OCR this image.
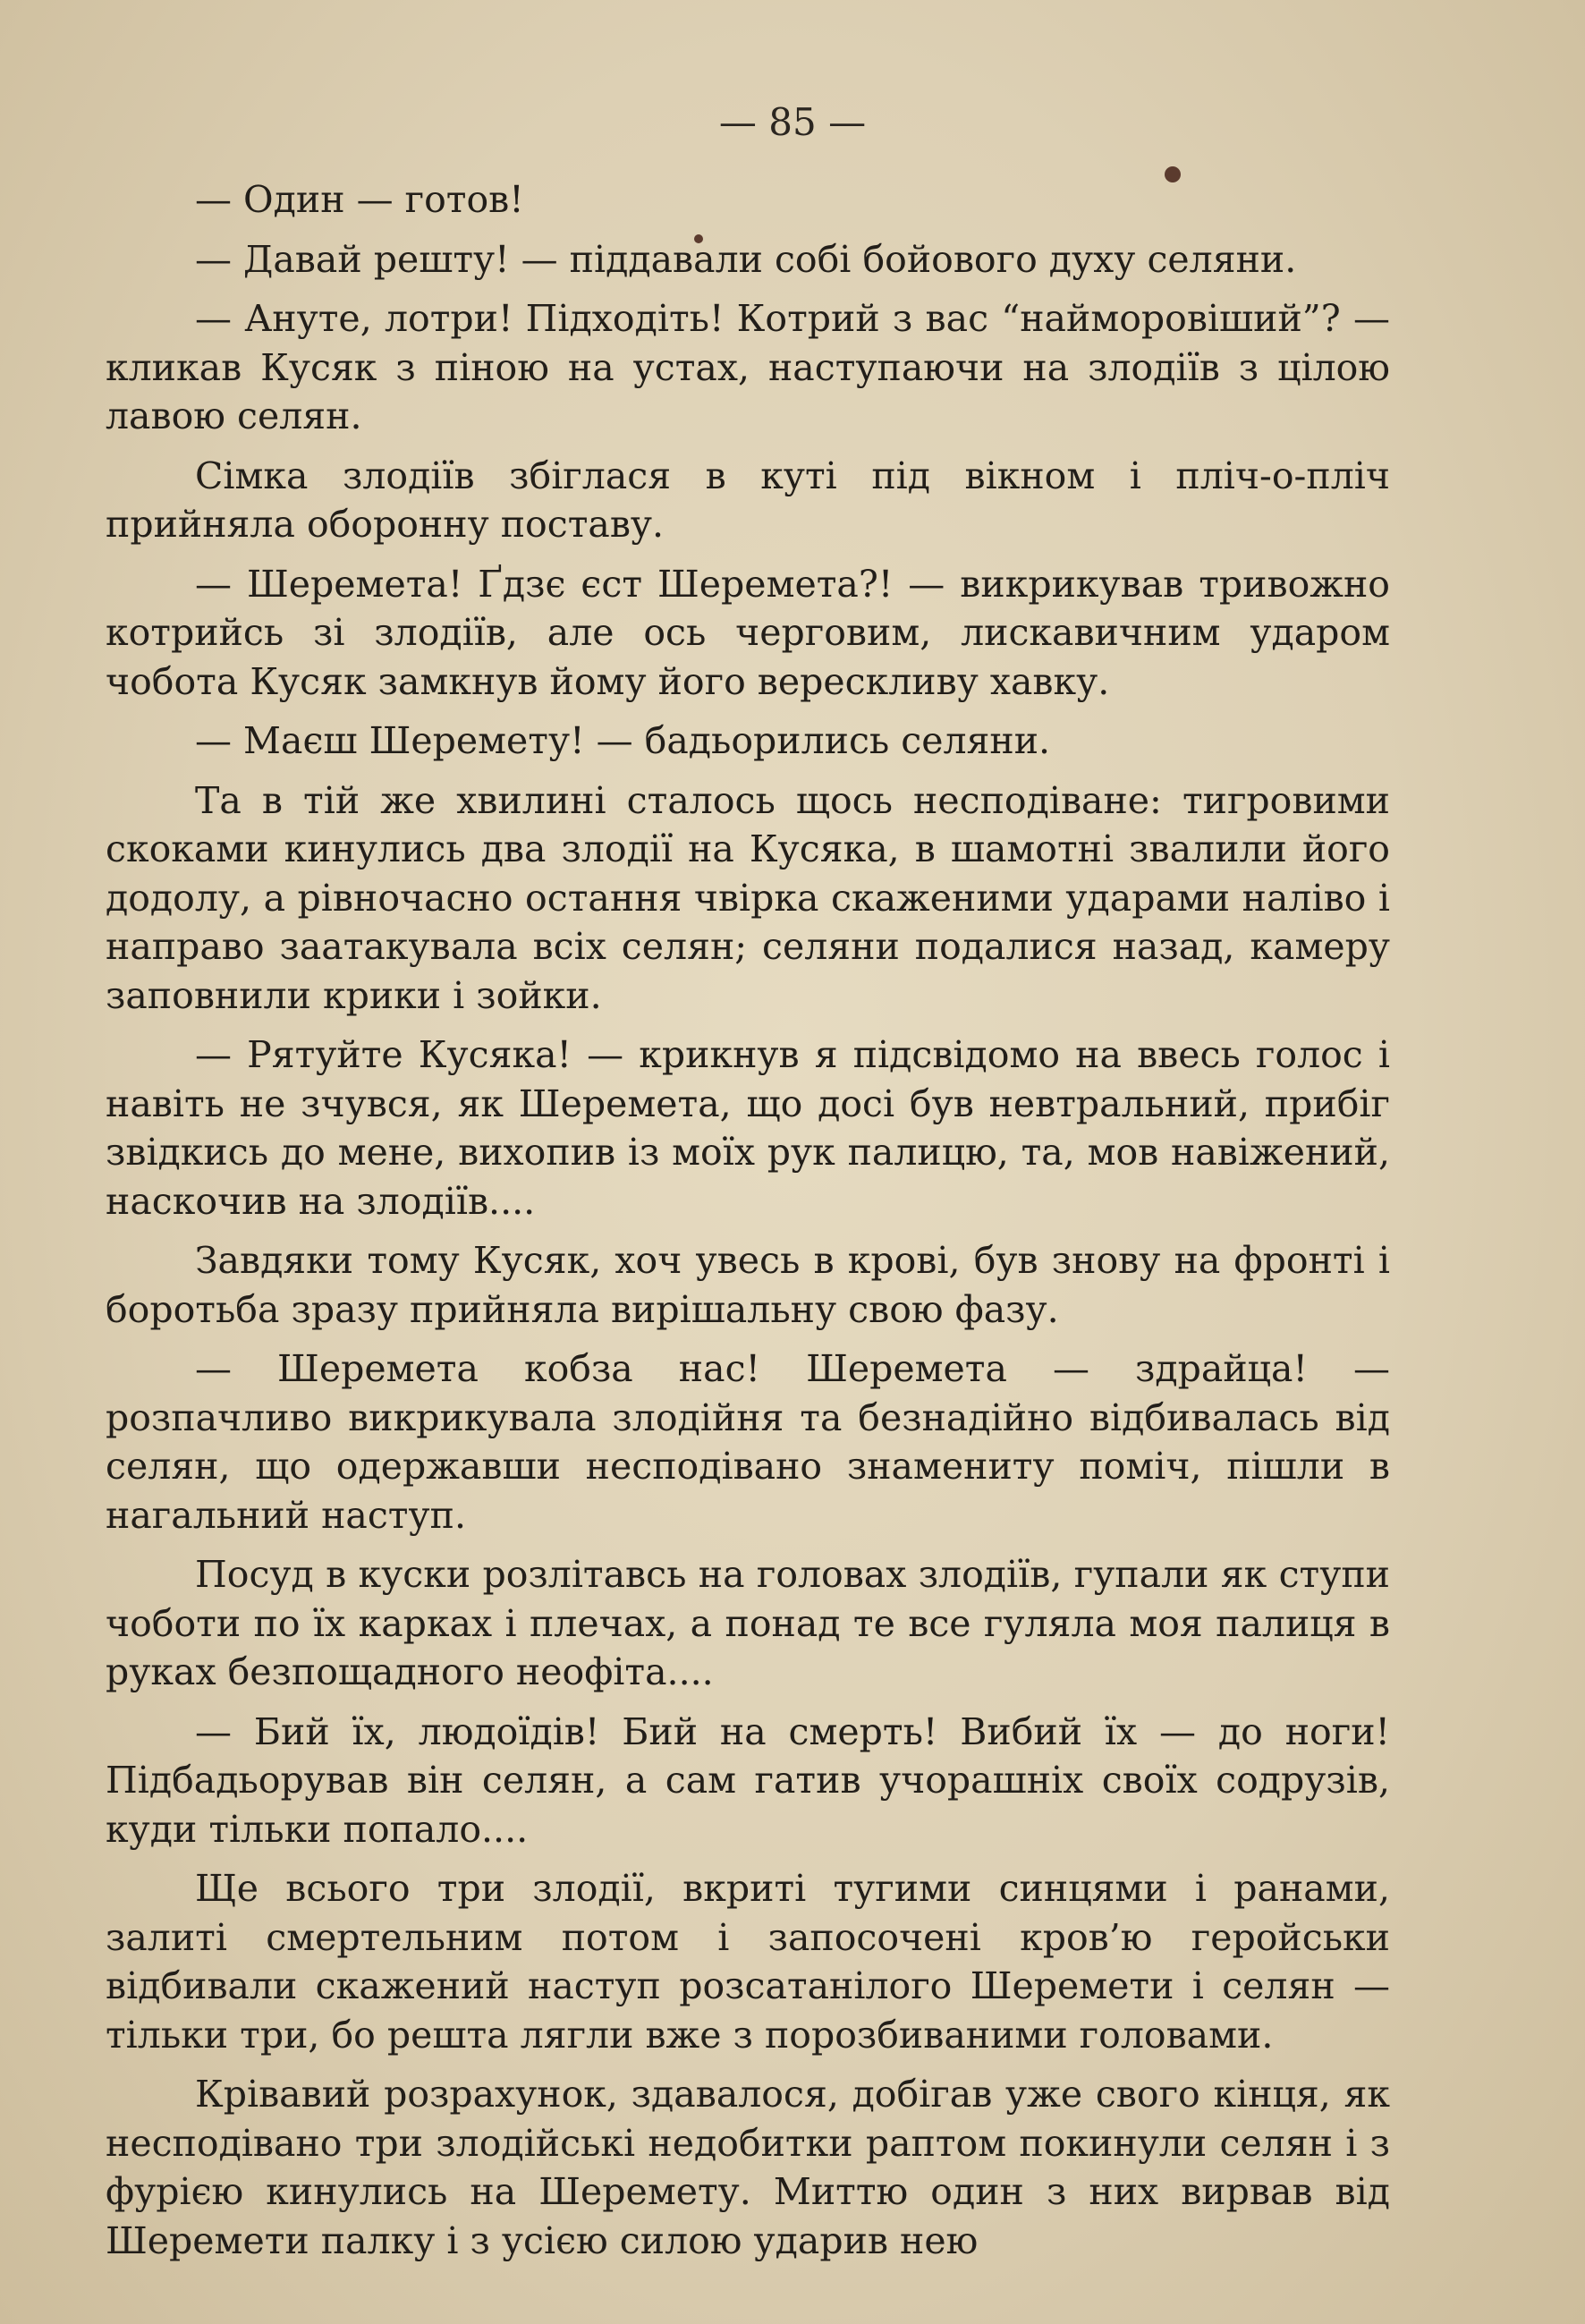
— 85 —

— Один — готов!

— Давай решту! — піддавали собі бойового духу селяни.

— Ануте, лотри! Підходіть! Котрий з вас “найморовіший”? — кликав Кусяк з піною на устах, наступаючи на злодіїв з цілою лавою селян.

Сімка злодіїв збіглася в куті під вікном і пліч-о-пліч прийняла оборонну поставу.

— Шеремета! Ґдзє єст Шеремета?! — викрикував тривожно котрийсь зі злодіїв, але ось черговим, лискавичним ударом чобота Кусяк замкнув йому його верескливу хавку.

— Маєш Шеремету! — бадьорились селяни.

Та в тій же хвилині сталось щось несподіване: тигровими скоками кинулись два злодії на Кусяка, в шамотні звалили його додолу, а рівночасно остання чвірка скаженими ударами наліво і направо заатакувала всіх селян; селяни подалися назад, камеру заповнили крики і зойки.

— Рятуйте Кусяка! — крикнув я підсвідомо на ввесь голос і навіть не зчувся, як Шеремета, що досі був невтральний, прибіг звідкись до мене, вихопив із моїх рук палицю, та, мов навіжений, наскочив на злодіїв....

Завдяки тому Кусяк, хоч увесь в крові, був знову на фронті і боротьба зразу прийняла вирішальну свою фазу.

— Шеремета кобза нас! Шеремета — здрайца! — розпачливо викрикувала злодійня та безнадійно відбивалась від селян, що одержавши несподівано знамениту поміч, пішли в нагальний наступ.

Посуд в куски розлітавсь на головах злодіїв, гупали як ступи чоботи по їх карках і плечах, а понад те все гуляла моя палиця в руках безпощадного неофіта....

— Бий їх, людоїдів! Бий на смерть! Вибий їх — до ноги! Підбадьорував він селян, а сам гатив учорашніх своїх содрузів, куди тільки попало....

Ще всього три злодії, вкриті тугими синцями і ранами, залиті смертельним потом і запосочені кров’ю геройськи відбивали скажений наступ розсатанілого Шеремети і селян — тільки три, бо решта лягли вже з порозбиваними головами.

Крівавий розрахунок, здавалося, добігав уже свого кінця, як несподівано три злодійські недобитки раптом покинули селян і з фурією кинулись на Шеремету. Миттю один з них вирвав від Шеремети палку і з усією силою ударив нею
